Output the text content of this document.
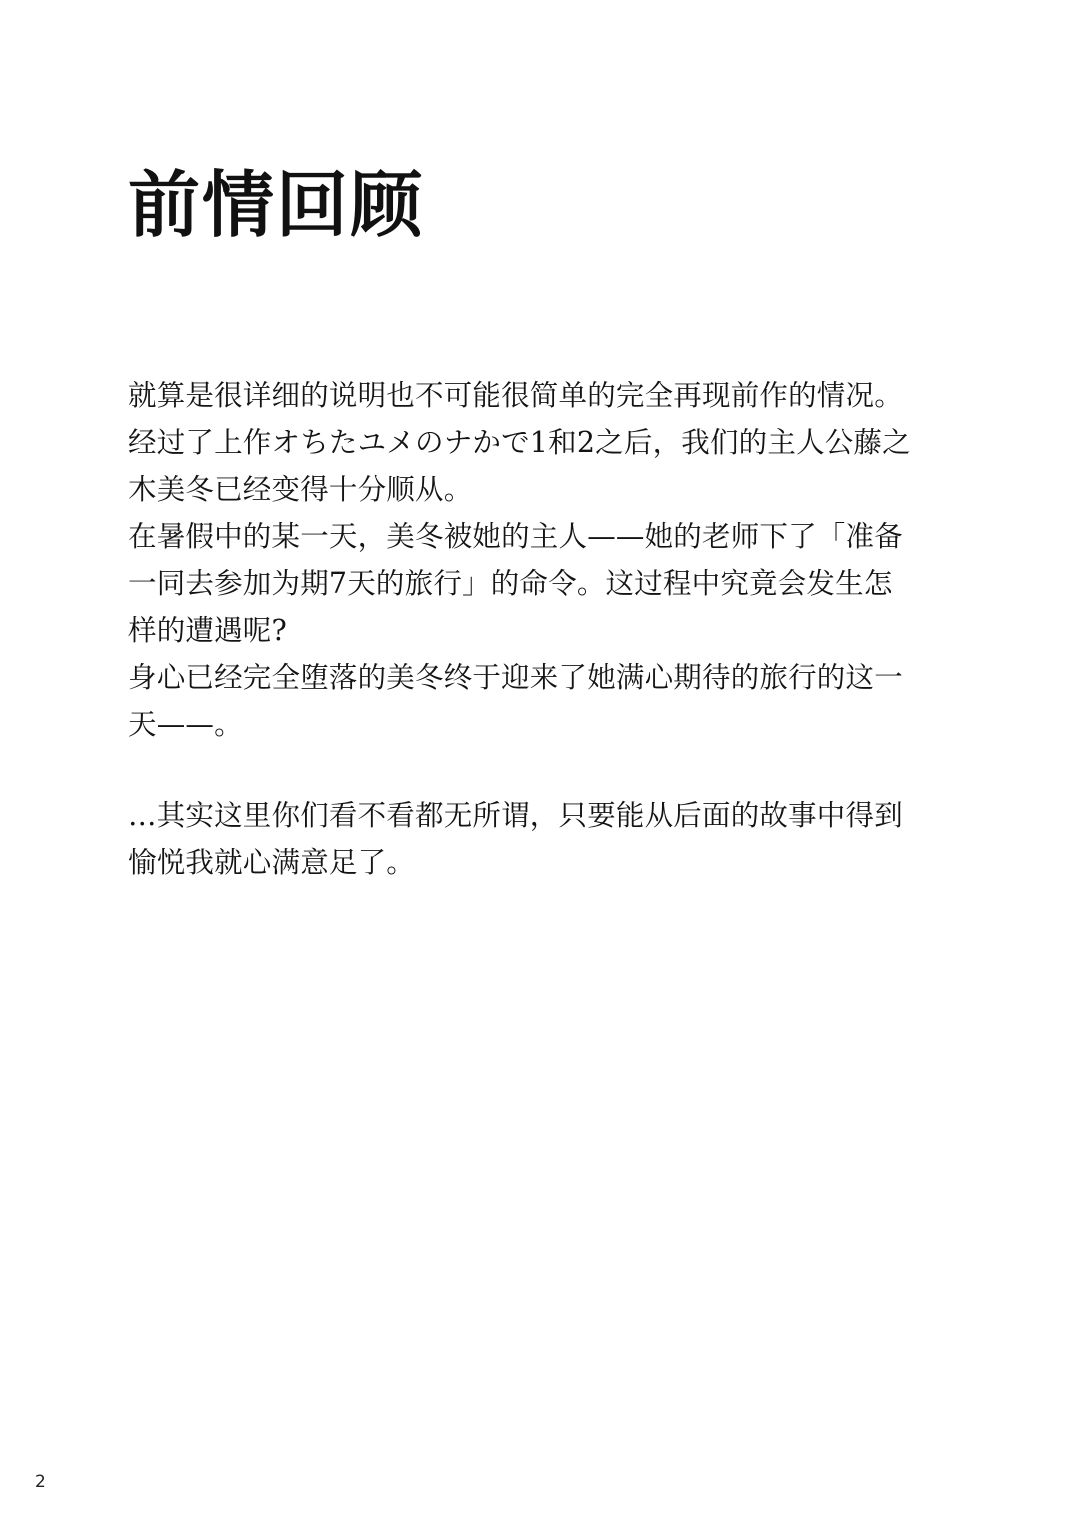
前情回顾

就算是很详细的说明也不可能很简单的完全再现前作的情况。经过了上作オちたユメのナかで1和2之后，我们的主人公藤之木美冬已经变得十分顺从。

在暑假中的某一天，美冬被她的主人——她的老师下了「准备一同去参加为期7天的旅行」的命令。这过程中究竟会发生怎样的遭遇呢?

身心已经完全堕落的美冬终于迎来了她满心期待的旅行的这一天——。

…其实这里你们看不看都无所谓，只要能从后面的故事中得到愉悦我就心满意足了。

2
